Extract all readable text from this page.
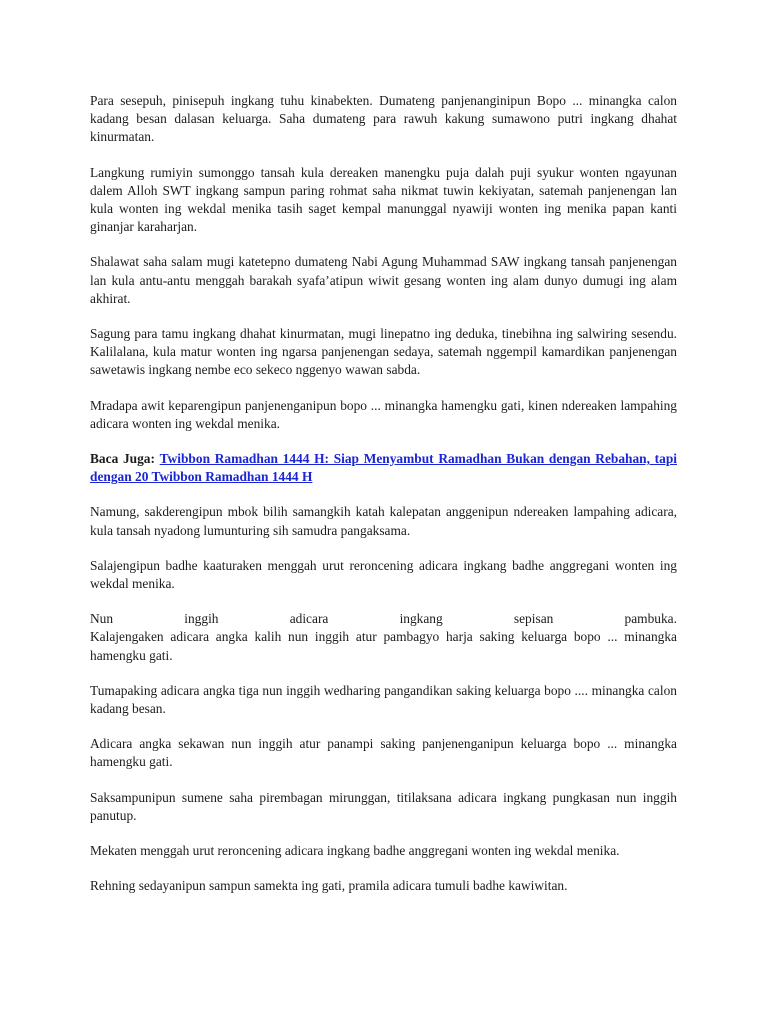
Para sesepuh, pinisepuh ingkang tuhu kinabekten. Dumateng panjenanginipun Bopo ... minangka calon kadang besan dalasan keluarga. Saha dumateng para rawuh kakung sumawono putri ingkang dhahat kinurmatan.

Langkung rumiyin sumonggo tansah kula dereaken manengku puja dalah puji syukur wonten ngayunan dalem Alloh SWT ingkang sampun paring rohmat saha nikmat tuwin kekiyatan, satemah panjenengan lan kula wonten ing wekdal menika tasih saget kempal manunggal nyawiji wonten ing menika papan kanti ginanjar karaharjan.

Shalawat saha salam mugi katetepno dumateng Nabi Agung Muhammad SAW ingkang tansah panjenengan lan kula antu-antu menggah barakah syafa’atipun wiwit gesang wonten ing alam dunyo dumugi ing alam akhirat.

Sagung para tamu ingkang dhahat kinurmatan, mugi linepatno ing deduka, tinebihna ing salwiring sesendu. Kalilalana, kula matur wonten ing ngarsa panjenengan sedaya, satemah nggempil kamardikan panjenengan sawetawis ingkang nembe eco sekeco nggenyo wawan sabda.

Mradapa awit keparengipun panjenenganipun bopo ... minangka hamengku gati, kinen ndereaken lampahing adicara wonten ing wekdal menika.

Baca Juga: Twibbon Ramadhan 1444 H: Siap Menyambut Ramadhan Bukan dengan Rebahan, tapi dengan 20 Twibbon Ramadhan 1444 H

Namung, sakderengipun mbok bilih samangkih katah kalepatan anggenipun ndereaken lampahing adicara, kula tansah nyadong lumunturing sih samudra pangaksama.

Salajengipun badhe kaaturaken menggah urut reroncening adicara ingkang badhe anggregani wonten ing wekdal menika.

Nun	inggih	adicara	ingkang	sepisan	pambuka.
Kalajengaken adicara angka kalih nun inggih atur pambagyo harja saking keluarga bopo ... minangka hamengku gati.

Tumapaking adicara angka tiga nun inggih wedharing pangandikan saking keluarga bopo .... minangka calon kadang besan.

Adicara angka sekawan nun inggih atur panampi saking panjenenganipun keluarga bopo ... minangka hamengku gati.

Saksampunipun sumene saha pirembagan mirunggan, titilaksana adicara ingkang pungkasan nun inggih panutup.

Mekaten menggah urut reroncening adicara ingkang badhe anggregani wonten ing wekdal menika.

Rehning sedayanipun sampun samekta ing gati, pramila adicara tumuli badhe kawiwitan.
